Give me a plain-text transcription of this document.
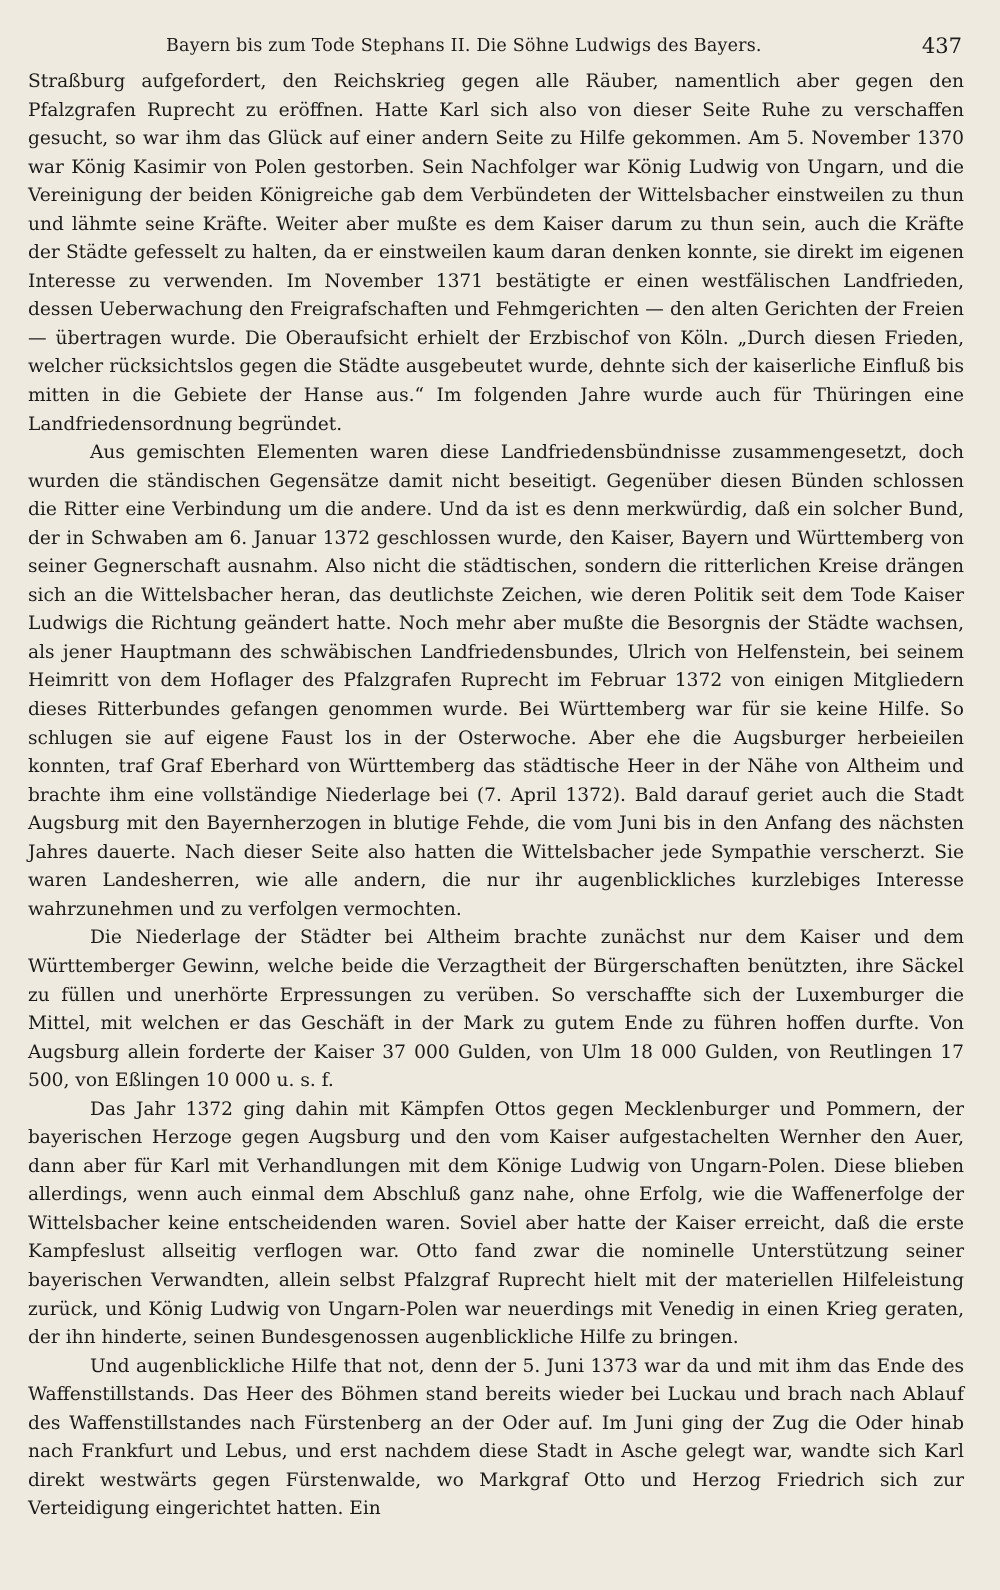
Bayern bis zum Tode Stephans II. Die Söhne Ludwigs des Bayers.	437

Straßburg aufgefordert, den Reichskrieg gegen alle Räuber, namentlich aber gegen den Pfalzgrafen Ruprecht zu eröffnen. Hatte Karl sich also von dieser Seite Ruhe zu verschaffen gesucht, so war ihm das Glück auf einer andern Seite zu Hilfe gekommen. Am 5. November 1370 war König Kasimir von Polen gestorben. Sein Nachfolger war König Ludwig von Ungarn, und die Vereinigung der beiden Königreiche gab dem Verbündeten der Wittelsbacher einstweilen zu thun und lähmte seine Kräfte. Weiter aber mußte es dem Kaiser darum zu thun sein, auch die Kräfte der Städte gefesselt zu halten, da er einstweilen kaum daran denken konnte, sie direkt im eigenen Interesse zu verwenden. Im November 1371 bestätigte er einen westfälischen Landfrieden, dessen Ueberwachung den Freigrafschaften und Fehmgerichten — den alten Gerichten der Freien — übertragen wurde. Die Oberaufsicht erhielt der Erzbischof von Köln. „Durch diesen Frieden, welcher rücksichtslos gegen die Städte ausgebeutet wurde, dehnte sich der kaiserliche Einfluß bis mitten in die Gebiete der Hanse aus.“ Im folgenden Jahre wurde auch für Thüringen eine Landfriedensordnung begründet.

Aus gemischten Elementen waren diese Landfriedensbündnisse zusammengesetzt, doch wurden die ständischen Gegensätze damit nicht beseitigt. Gegenüber diesen Bünden schlossen die Ritter eine Verbindung um die andere. Und da ist es denn merkwürdig, daß ein solcher Bund, der in Schwaben am 6. Januar 1372 geschlossen wurde, den Kaiser, Bayern und Württemberg von seiner Gegnerschaft ausnahm. Also nicht die städtischen, sondern die ritterlichen Kreise drängen sich an die Wittelsbacher heran, das deutlichste Zeichen, wie deren Politik seit dem Tode Kaiser Ludwigs die Richtung geändert hatte. Noch mehr aber mußte die Besorgnis der Städte wachsen, als jener Hauptmann des schwäbischen Landfriedensbundes, Ulrich von Helfenstein, bei seinem Heimritt von dem Hoflager des Pfalzgrafen Ruprecht im Februar 1372 von einigen Mitgliedern dieses Ritterbundes gefangen genommen wurde. Bei Württemberg war für sie keine Hilfe. So schlugen sie auf eigene Faust los in der Osterwoche. Aber ehe die Augsburger herbeieilen konnten, traf Graf Eberhard von Württemberg das städtische Heer in der Nähe von Altheim und brachte ihm eine vollständige Niederlage bei (7. April 1372). Bald darauf geriet auch die Stadt Augsburg mit den Bayernherzogen in blutige Fehde, die vom Juni bis in den Anfang des nächsten Jahres dauerte. Nach dieser Seite also hatten die Wittelsbacher jede Sympathie verscherzt. Sie waren Landesherren, wie alle andern, die nur ihr augenblickliches kurzlebiges Interesse wahrzunehmen und zu verfolgen vermochten.

Die Niederlage der Städter bei Altheim brachte zunächst nur dem Kaiser und dem Württemberger Gewinn, welche beide die Verzagtheit der Bürgerschaften benützten, ihre Säckel zu füllen und unerhörte Erpressungen zu verüben. So verschaffte sich der Luxemburger die Mittel, mit welchen er das Geschäft in der Mark zu gutem Ende zu führen hoffen durfte. Von Augsburg allein forderte der Kaiser 37 000 Gulden, von Ulm 18 000 Gulden, von Reutlingen 17 500, von Eßlingen 10 000 u. s. f.

Das Jahr 1372 ging dahin mit Kämpfen Ottos gegen Mecklenburger und Pommern, der bayerischen Herzoge gegen Augsburg und den vom Kaiser aufgestachelten Wernher den Auer, dann aber für Karl mit Verhandlungen mit dem Könige Ludwig von Ungarn-Polen. Diese blieben allerdings, wenn auch einmal dem Abschluß ganz nahe, ohne Erfolg, wie die Waffenerfolge der Wittelsbacher keine entscheidenden waren. Soviel aber hatte der Kaiser erreicht, daß die erste Kampfeslust allseitig verflogen war. Otto fand zwar die nominelle Unterstützung seiner bayerischen Verwandten, allein selbst Pfalzgraf Ruprecht hielt mit der materiellen Hilfeleistung zurück, und König Ludwig von Ungarn-Polen war neuerdings mit Venedig in einen Krieg geraten, der ihn hinderte, seinen Bundesgenossen augenblickliche Hilfe zu bringen.

Und augenblickliche Hilfe that not, denn der 5. Juni 1373 war da und mit ihm das Ende des Waffenstillstands. Das Heer des Böhmen stand bereits wieder bei Luckau und brach nach Ablauf des Waffenstillstandes nach Fürstenberg an der Oder auf. Im Juni ging der Zug die Oder hinab nach Frankfurt und Lebus, und erst nachdem diese Stadt in Asche gelegt war, wandte sich Karl direkt westwärts gegen Fürstenwalde, wo Markgraf Otto und Herzog Friedrich sich zur Verteidigung eingerichtet hatten. Ein
